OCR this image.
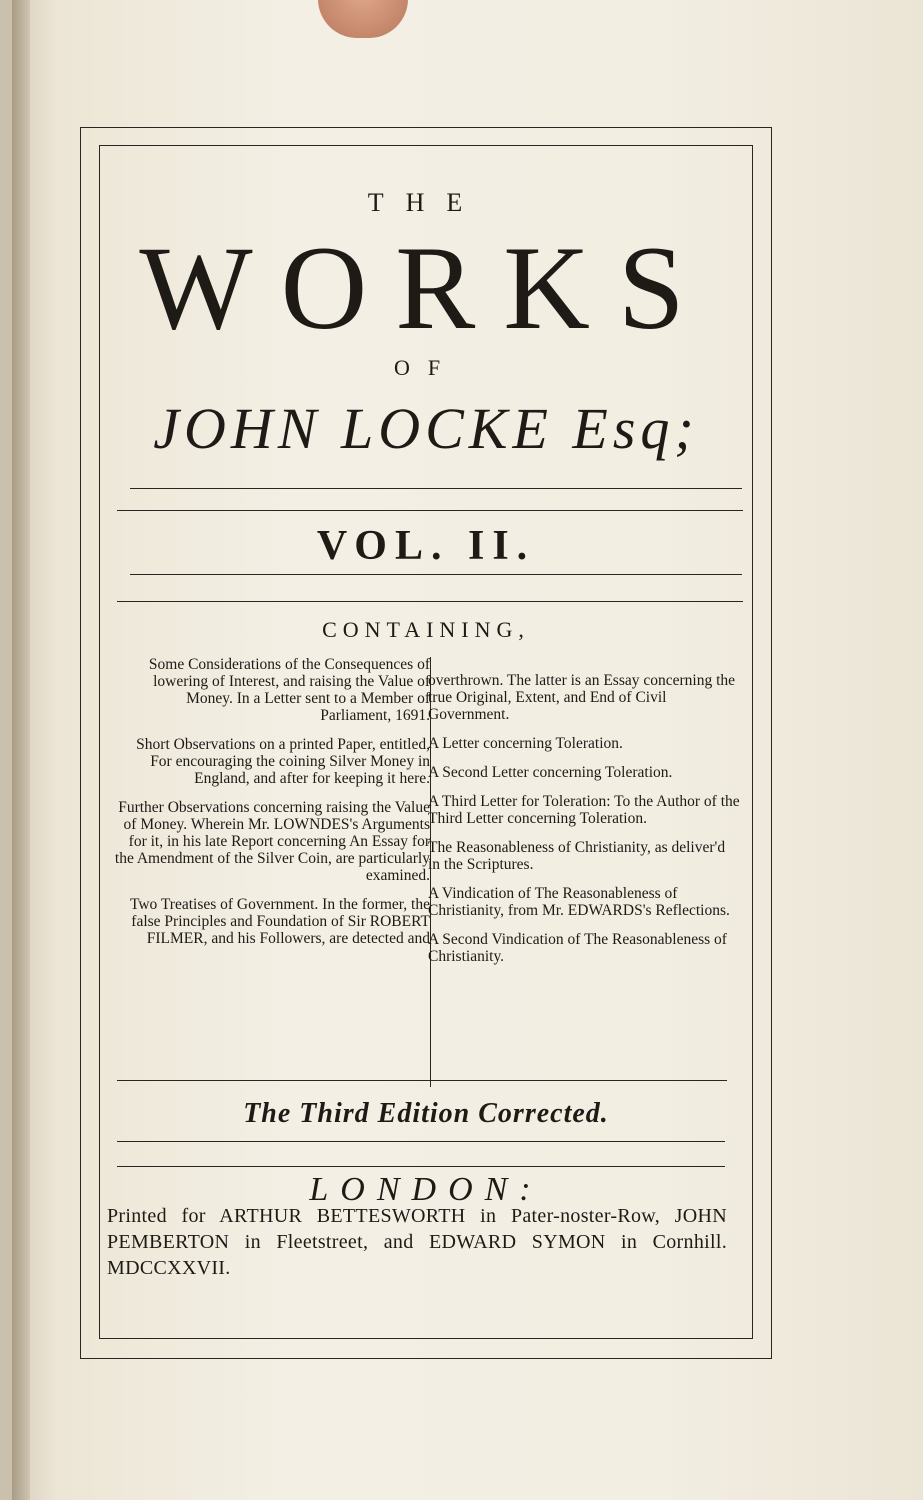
THE
WORKS
OF
JOHN LOCKE Esq;
VOL. II.
CONTAINING,

Some Considerations of the Consequences of lowering of Interest, and raising the Value of Money. In a Letter sent to a Member of Parliament, 1691.

Short Observations on a printed Paper, entitled, For encouraging the coining Silver Money in England, and after for keeping it here.

Further Observations concerning raising the Value of Money. Wherein Mr. LOWNDES's Arguments for it, in his late Report concerning An Essay for the Amendment of the Silver Coin, are particularly examined.

Two Treatises of Government. In the former, the false Principles and Foundation of Sir ROBERT FILMER, and his Followers, are detected and

overthrown. The latter is an Essay concerning the true Original, Extent, and End of Civil Government.

A Letter concerning Toleration.

A Second Letter concerning Toleration.

A Third Letter for Toleration: To the Author of the Third Letter concerning Toleration.

The Reasonableness of Christianity, as deliver'd in the Scriptures.

A Vindication of The Reasonableness of Christianity, from Mr. EDWARDS's Reflections.

A Second Vindication of The Reasonableness of Christianity.

The Third Edition Corrected.
LONDON:
Printed for ARTHUR BETTESWORTH in Pater-noster-Row, JOHN PEMBERTON in Fleetstreet, and EDWARD SYMON in Cornhill. MDCCXXVII.
